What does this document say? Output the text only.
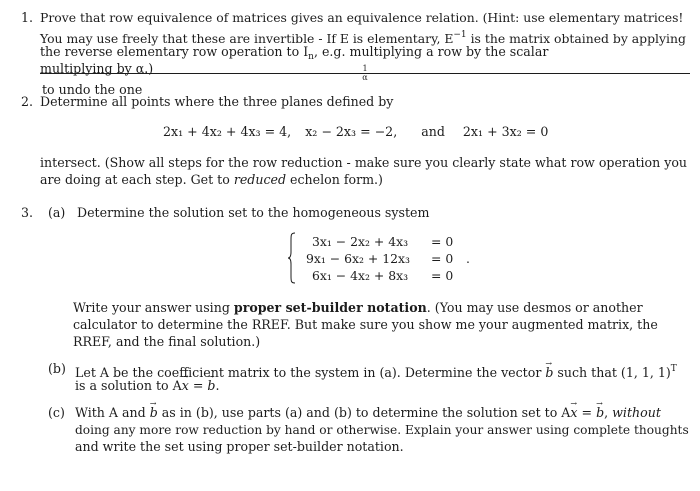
1. Prove that row equivalence of matrices gives an equivalence relation. (Hint: use elementary matrices!
You may use freely that these are invertible - If E is elementary, $E^{-1}$ is the matrix obtained by applying
the reverse elementary row operation to $I_n$, e.g. multiplying a row by the scalar
$_{1 \alpha}$
to undo the one
multiplying by α.)
2. Determine all points where the three planes defined by
2x₁ + 4x₂ + 4x₃ = 4, x₂ − 2x₃ = −2, and 2x₁ + 3x₂ = 0
intersect. (Show all steps for the row reduction - make sure you clearly state what row operation you
are doing at each step. Get to reduced echelon form.)
3. (a) Determine the solution set to the homogeneous system
3x₁ − 2x₂ + 4x₃ = 0
9x₁ − 6x₂ + 12x₃ = 0 .
6x₁ − 4x₂ + 8x₃ = 0
Write your answer using proper set-builder notation. (You may use desmos or another
calculator to determine the RREF. But make sure you show me your augmented matrix, the
RREF, and the final solution.)
(b) Let A be the coefficient matrix to the system in (a). Determine the vector b → such that (1, 1, 1)$^T$
is a solution to Ax → = b →.
(c) With A and b → as in (b), use parts (a) and (b) to determine the solution set to Ax → = b →, without
doing any more row reduction by hand or otherwise. Explain your answer using complete thoughts
and write the set using proper set-builder notation.
